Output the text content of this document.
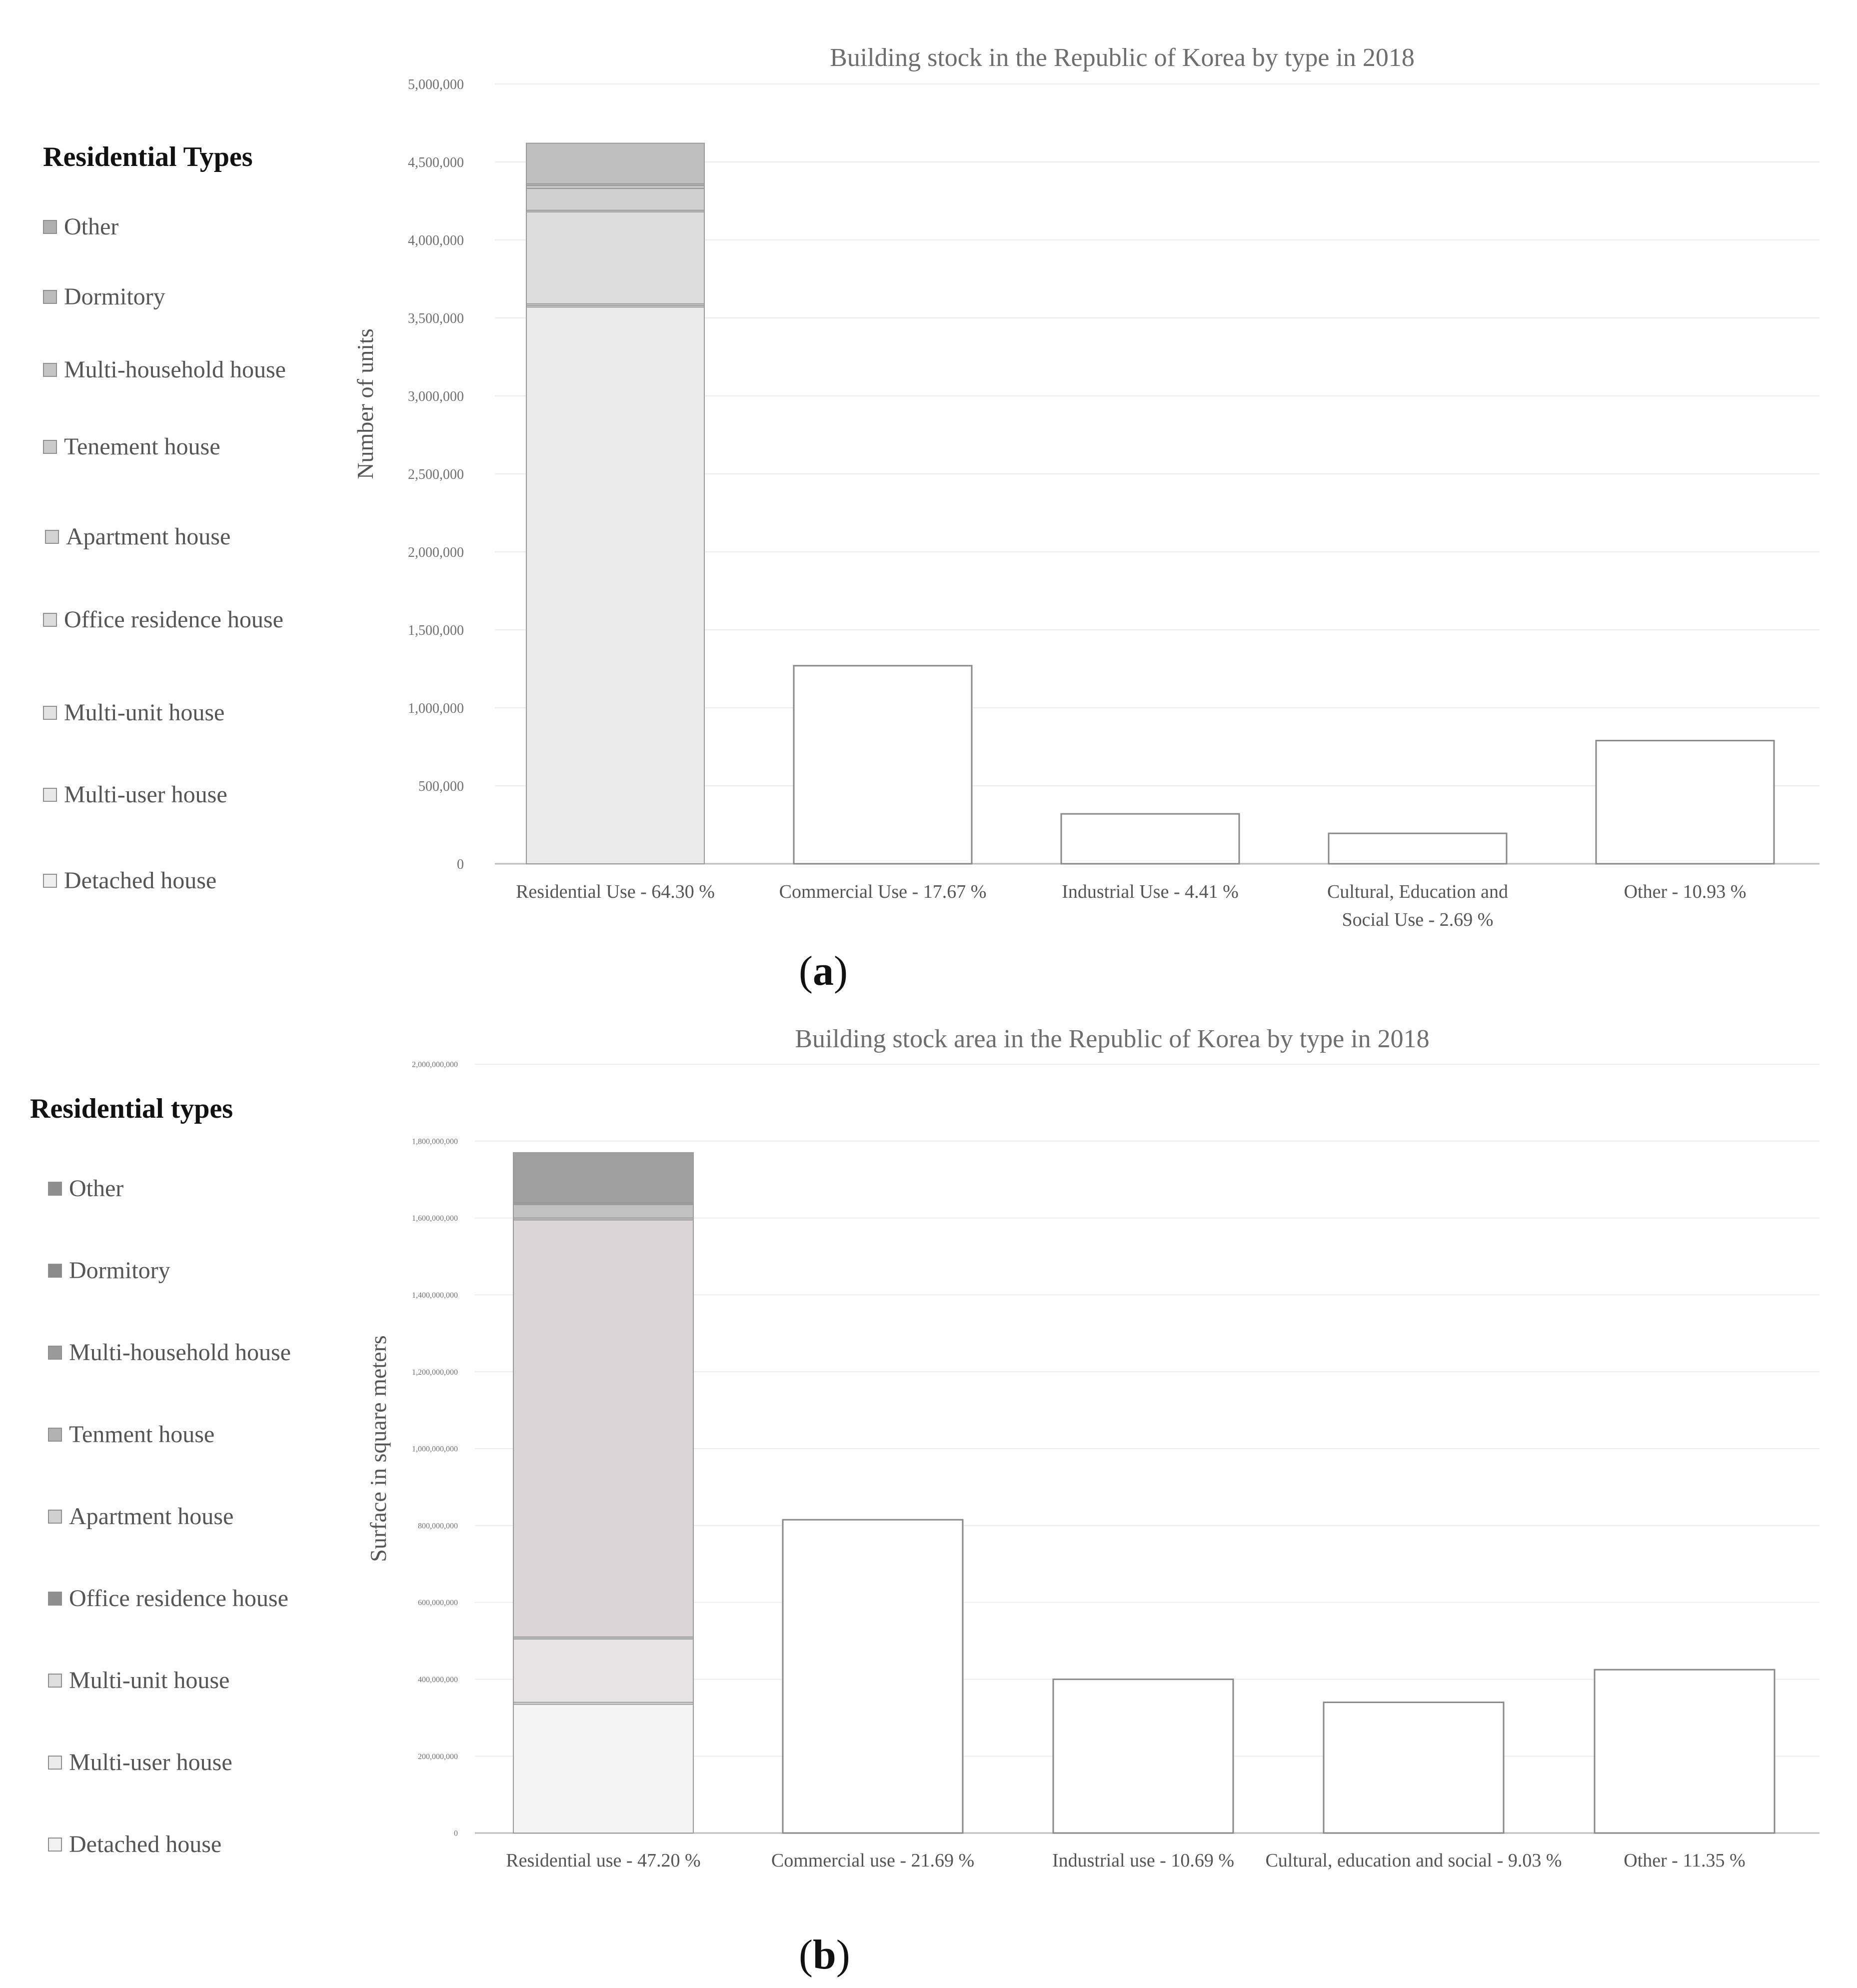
Residential Types
Other
Dormitory
Multi-household house
Tenement house
Apartment house
Office residence house
Multi-unit house
Multi-user house
Detached house
(a)
Residential types
Other
Dormitory
Multi-household house
Tenment house
Apartment house
Office residence house
Multi-unit house
Multi-user house
Detached house
(b)
Building stock in the Republic of Korea by type in 2018
0
500,000
1,000,000
1,500,000
2,000,000
2,500,000
3,000,000
3,500,000
4,000,000
4,500,000
5,000,000
Number of units
Residential Use - 64.30 %	Commercial Use - 17.67 %	Industrial Use - 4.41 %	Cultural, Education and
Social Use - 2.69 %
Other - 10.93 %
Building stock area in the Republic of Korea by type in 2018
0
200,000,000
400,000,000
600,000,000
800,000,000
1,000,000,000
1,200,000,000
1,400,000,000
1,600,000,000
1,800,000,000
2,000,000,000
Surface in square meters
Residential use - 47.20 %	Commercial use - 21.69 %	Industrial use - 10.69 % Cultural, education and social - 9.03 %	Other - 11.35 %
